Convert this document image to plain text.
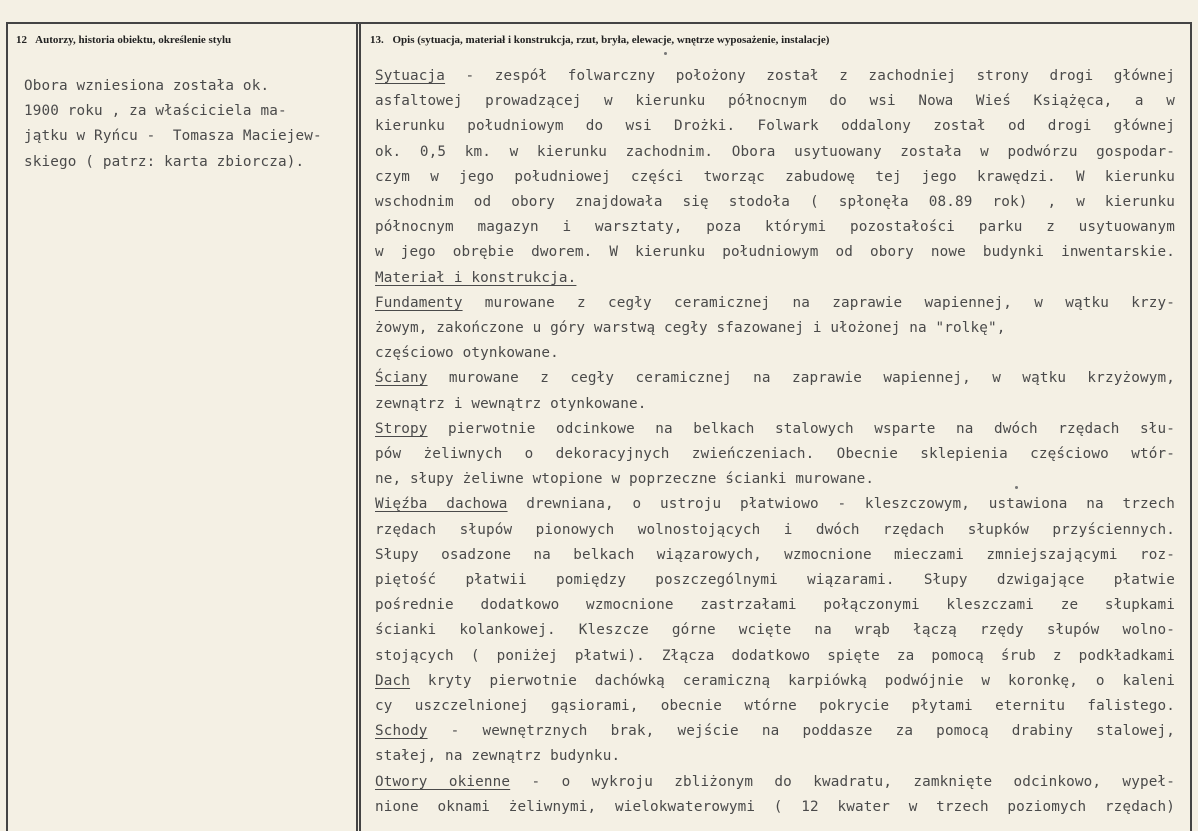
12 Autorzy, historia obiektu, określenie stylu	13. Opis (sytuacja, materiał i konstrukcja, rzut, bryła, elewacje, wnętrze wyposażenie, instalacje)
Obora wzniesiona została ok.
1900 roku , za właściciela ma-
jątku w Ryńcu -  Tomasza Maciejew-
skiego ( patrz: karta zbiorcza).
Sytuacja - zespół folwarczny położony został z zachodniej strony drogi głównej
asfaltowej prowadzącej w kierunku północnym do wsi Nowa Wieś Książęca, a w
kierunku południowym do wsi Drożki. Folwark oddalony został od drogi głównej
ok. 0,5 km. w kierunku zachodnim. Obora usytuowany została w podwórzu gospodar-
czym w jego południowej części tworząc zabudowę tej jego krawędzi. W kierunku
wschodnim od obory znajdowała się stodoła ( spłonęła 08.89 rok) , w kierunku
północnym magazyn i warsztaty, poza którymi pozostałości parku z usytuowanym
w jego obrębie dworem. W kierunku południowym od obory nowe budynki inwentarskie.
Materiał i konstrukcja.
Fundamenty murowane z cegły ceramicznej na zaprawie wapiennej, w wątku krzy-
żowym, zakończone u góry warstwą cegły sfazowanej i ułożonej na "rolkę",
częściowo otynkowane.
Ściany murowane z cegły ceramicznej na zaprawie wapiennej, w wątku krzyżowym,
zewnątrz i wewnątrz otynkowane.
Stropy pierwotnie odcinkowe na belkach stalowych wsparte na dwóch rzędach słu-
pów żeliwnych o dekoracyjnych zwieńczeniach. Obecnie sklepienia częściowo wtór-
ne, słupy żeliwne wtopione w poprzeczne ścianki murowane.
Więźba dachowa drewniana, o ustroju płatwiowo - kleszczowym, ustawiona na trzech
rzędach słupów pionowych wolnostojących i dwóch rzędach słupków przyściennych.
Słupy osadzone na belkach wiązarowych, wzmocnione mieczami zmniejszającymi roz-
piętość płatwii pomiędzy poszczególnymi wiązarami. Słupy dzwigające płatwie
pośrednie dodatkowo wzmocnione zastrzałami połączonymi kleszczami ze słupkami
ścianki kolankowej. Kleszcze górne wcięte na wrąb łączą rzędy słupów wolno-
stojących ( poniżej płatwi). Złącza dodatkowo spięte za pomocą śrub z podkładkami
Dach kryty pierwotnie dachówką ceramiczną karpiówką podwójnie w koronkę, o kaleni
cy uszczelnionej gąsiorami, obecnie wtórne pokrycie płytami eternitu falistego.
Schody - wewnętrznych brak, wejście na poddasze za pomocą drabiny stalowej,
stałej, na zewnątrz budynku.
Otwory okienne - o wykroju zbliżonym do kwadratu, zamknięte odcinkowo, wypeł-
nione oknami żeliwnymi, wielokwaterowymi ( 12 kwater w trzech poziomych rzędach)
